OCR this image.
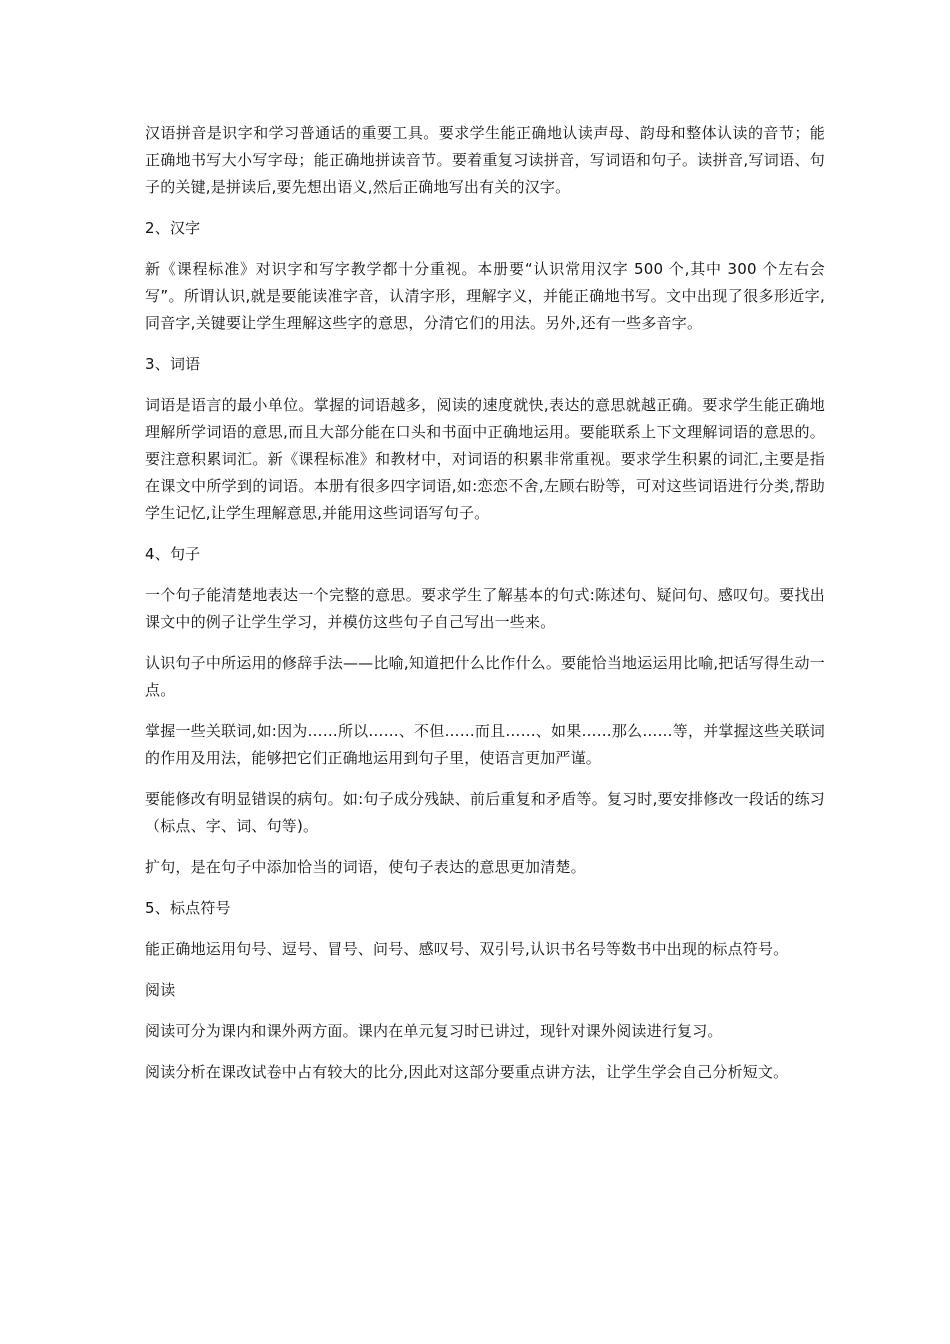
汉语拼音是识字和学习普通话的重要工具。要求学生能正确地认读声母、韵母和整体认读的音节；能正确地书写大小写字母；能正确地拼读音节。要着重复习读拼音，写词语和句子。读拼音,写词语、句子的关键,是拼读后,要先想出语义,然后正确地写出有关的汉字。

2、汉字

新《课程标准》对识字和写字教学都十分重视。本册要“认识常用汉字 500 个,其中 300 个左右会写”。所谓认识,就是要能读准字音，认清字形，理解字义，并能正确地书写。文中出现了很多形近字,同音字,关键要让学生理解这些字的意思，分清它们的用法。另外,还有一些多音字。

3、词语

词语是语言的最小单位。掌握的词语越多，阅读的速度就快,表达的意思就越正确。要求学生能正确地理解所学词语的意思,而且大部分能在口头和书面中正确地运用。要能联系上下文理解词语的意思的。要注意积累词汇。新《课程标准》和教材中，对词语的积累非常重视。要求学生积累的词汇,主要是指在课文中所学到的词语。本册有很多四字词语,如:恋恋不舍,左顾右盼等，可对这些词语进行分类,帮助学生记忆,让学生理解意思,并能用这些词语写句子。

4、句子

一个句子能清楚地表达一个完整的意思。要求学生了解基本的句式:陈述句、疑问句、感叹句。要找出课文中的例子让学生学习，并模仿这些句子自己写出一些来。

认识句子中所运用的修辞手法——比喻,知道把什么比作什么。要能恰当地运运用比喻,把话写得生动一点。

掌握一些关联词,如:因为……所以……、不但……而且……、如果……那么……等，并掌握这些关联词的作用及用法，能够把它们正确地运用到句子里，使语言更加严谨。

要能修改有明显错误的病句。如:句子成分残缺、前后重复和矛盾等。复习时,要安排修改一段话的练习（标点、字、词、句等)。

扩句，是在句子中添加恰当的词语，使句子表达的意思更加清楚。

5、标点符号

能正确地运用句号、逗号、冒号、问号、感叹号、双引号,认识书名号等数书中出现的标点符号。

阅读

阅读可分为课内和课外两方面。课内在单元复习时已讲过，现针对课外阅读进行复习。

阅读分析在课改试卷中占有较大的比分,因此对这部分要重点讲方法，让学生学会自己分析短文。
